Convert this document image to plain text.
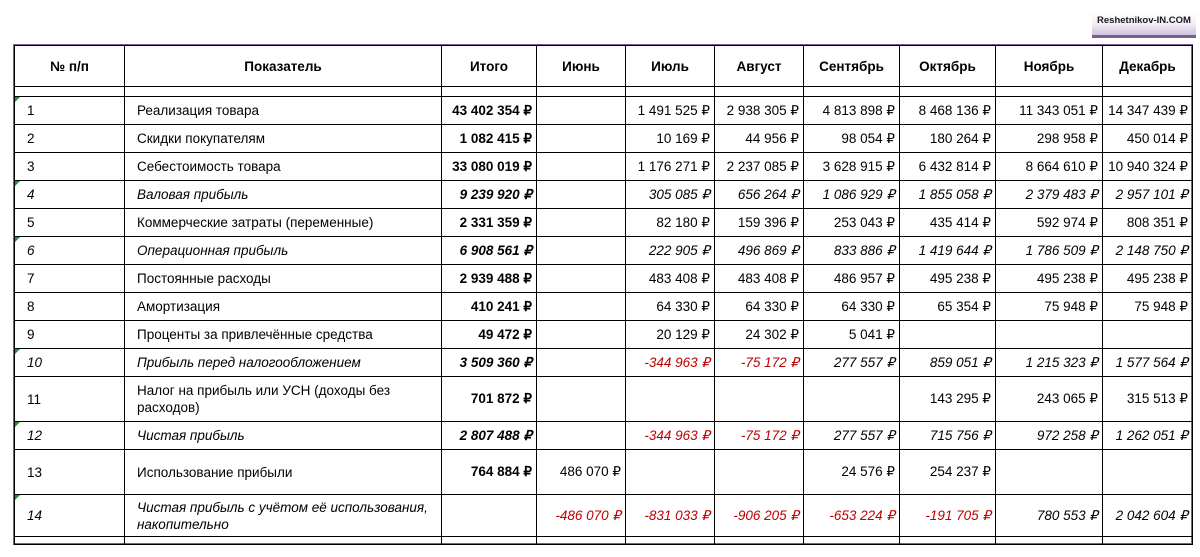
Reshetnikov-IN.COM
№ п/п	Показатель	Итого	Июнь	Июль	Август	Сентябрь	Октябрь	Ноябрь	Декабрь

1	Реализация товара	43 402 354 ₽		1 491 525 ₽	2 938 305 ₽	4 813 898 ₽	8 468 136 ₽	11 343 051 ₽	14 347 439 ₽
2	Скидки покупателям	1 082 415 ₽		10 169 ₽	44 956 ₽	98 054 ₽	180 264 ₽	298 958 ₽	450 014 ₽
3	Себестоимость товара	33 080 019 ₽		1 176 271 ₽	2 237 085 ₽	3 628 915 ₽	6 432 814 ₽	8 664 610 ₽	10 940 324 ₽

4	Валовая прибыль	9 239 920 ₽		305 085 ₽	656 264 ₽	1 086 929 ₽	1 855 058 ₽	2 379 483 ₽	2 957 101 ₽
5	Коммерческие затраты (переменные)	2 331 359 ₽		82 180 ₽	159 396 ₽	253 043 ₽	435 414 ₽	592 974 ₽	808 351 ₽

6	Операционная прибыль	6 908 561 ₽		222 905 ₽	496 869 ₽	833 886 ₽	1 419 644 ₽	1 786 509 ₽	2 148 750 ₽
7	Постоянные расходы	2 939 488 ₽		483 408 ₽	483 408 ₽	486 957 ₽	495 238 ₽	495 238 ₽	495 238 ₽
8	Амортизация	410 241 ₽		64 330 ₽	64 330 ₽	64 330 ₽	65 354 ₽	75 948 ₽	75 948 ₽
9	Проценты за привлечённые средства	49 472 ₽		20 129 ₽	24 302 ₽	5 041 ₽			

10	Прибыль перед налогообложением	3 509 360 ₽		-344 963 ₽	-75 172 ₽	277 557 ₽	859 051 ₽	1 215 323 ₽	1 577 564 ₽
11	Налог на прибыль или УСН (доходы без расходов)	701 872 ₽					143 295 ₽	243 065 ₽	315 513 ₽

12	Чистая прибыль	2 807 488 ₽		-344 963 ₽	-75 172 ₽	277 557 ₽	715 756 ₽	972 258 ₽	1 262 051 ₽
13	Использование прибыли	764 884 ₽	486 070 ₽			24 576 ₽	254 237 ₽		

14	Чистая прибыль с учётом её использования, накопительно		-486 070 ₽	-831 033 ₽	-906 205 ₽	-653 224 ₽	-191 705 ₽	780 553 ₽	2 042 604 ₽
